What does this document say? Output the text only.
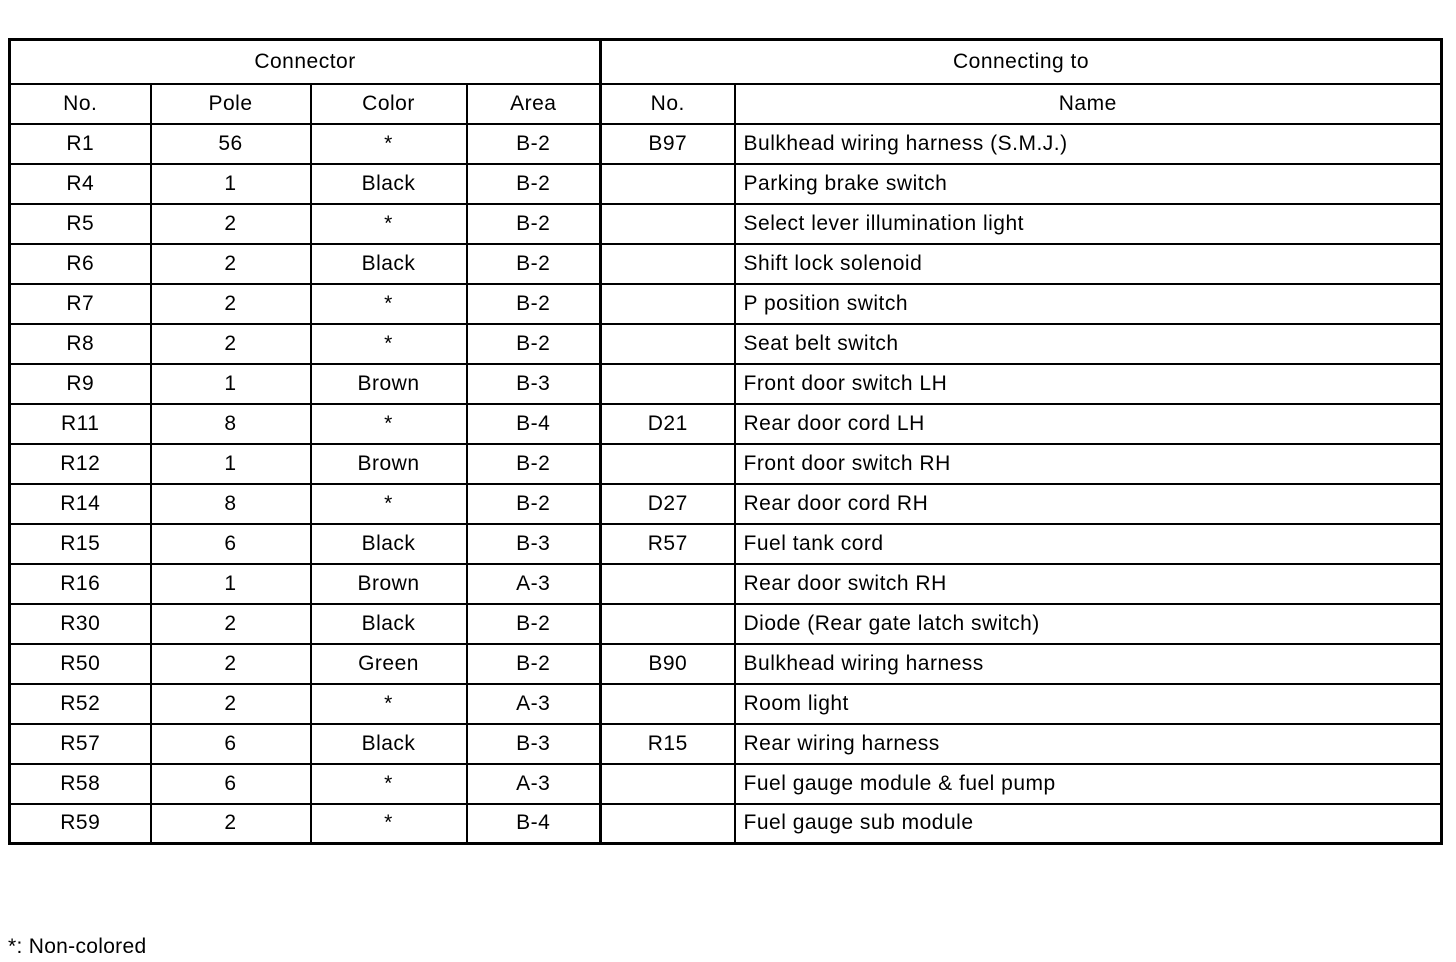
Connector				Connecting to	
No.	Pole	Color	Area	No.	Name
R1	56	*	B-2	B97	Bulkhead wiring harness (S.M.J.)
R4	1	Black	B-2		Parking brake switch
R5	2	*	B-2		Select lever illumination light
R6	2	Black	B-2		Shift lock solenoid
R7	2	*	B-2		P position switch
R8	2	*	B-2		Seat belt switch
R9	1	Brown	B-3		Front door switch LH
R11	8	*	B-4	D21	Rear door cord LH
R12	1	Brown	B-2		Front door switch RH
R14	8	*	B-2	D27	Rear door cord RH
R15	6	Black	B-3	R57	Fuel tank cord
R16	1	Brown	A-3		Rear door switch RH
R30	2	Black	B-2		Diode (Rear gate latch switch)
R50	2	Green	B-2	B90	Bulkhead wiring harness
R52	2	*	A-3		Room light
R57	6	Black	B-3	R15	Rear wiring harness
R58	6	*	A-3		Fuel gauge module & fuel pump
R59	2	*	B-4		Fuel gauge sub module
*: Non-colored
